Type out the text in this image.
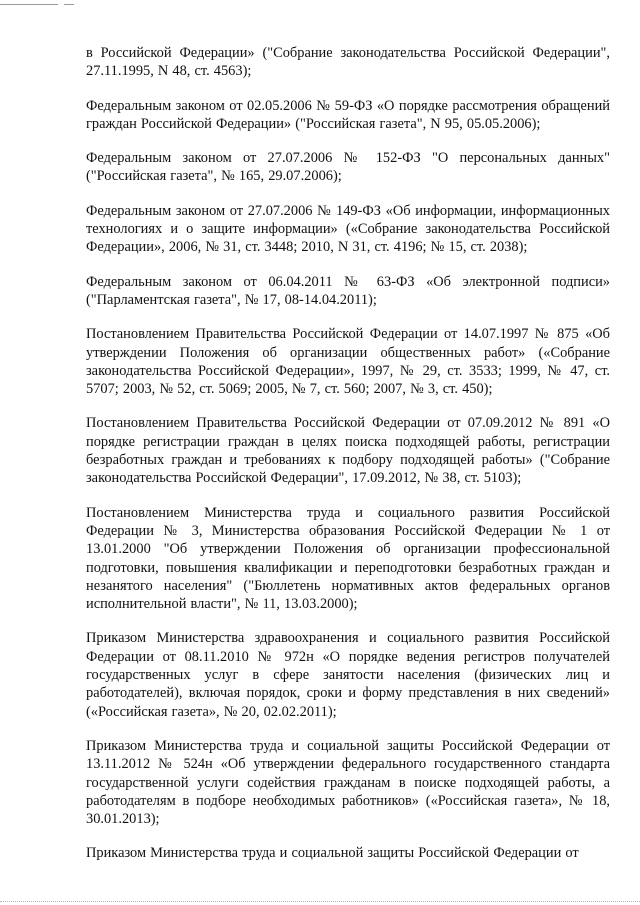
в Российской Федерации» ("Собрание законодательства Российской Федерации", 27.11.1995, N 48, ст. 4563);

Федеральным законом от 02.05.2006 № 59-ФЗ «О порядке рассмотрения обращений граждан Российской Федерации» ("Российская газета", N 95, 05.05.2006);

Федеральным законом от 27.07.2006 № 152-ФЗ "О персональных данных" ("Российская газета", № 165, 29.07.2006);

Федеральным законом от 27.07.2006 № 149-ФЗ «Об информации, информационных технологиях и о защите информации» («Собрание законодательства Российской Федерации», 2006, № 31, ст. 3448; 2010, N 31, ст. 4196; № 15, ст. 2038);

Федеральным законом от 06.04.2011 № 63-ФЗ «Об электронной подписи» ("Парламентская газета", № 17, 08-14.04.2011);

Постановлением Правительства Российской Федерации от 14.07.1997 № 875 «Об утверждении Положения об организации общественных работ» («Собрание законодательства Российской Федерации», 1997, № 29, ст. 3533; 1999, № 47, ст. 5707; 2003, № 52, ст. 5069; 2005, № 7, ст. 560; 2007, № 3, ст. 450);

Постановлением Правительства Российской Федерации от 07.09.2012 № 891 «О порядке регистрации граждан в целях поиска подходящей работы, регистрации безработных граждан и требованиях к подбору подходящей работы» ("Собрание законодательства Российской Федерации", 17.09.2012, № 38, ст. 5103);

Постановлением Министерства труда и социального развития Российской Федерации № 3, Министерства образования Российской Федерации № 1 от 13.01.2000 "Об утверждении Положения об организации профессиональной подготовки, повышения квалификации и переподготовки безработных граждан и незанятого населения" ("Бюллетень нормативных актов федеральных органов исполнительной власти", № 11, 13.03.2000);

Приказом Министерства здравоохранения и социального развития Российской Федерации от 08.11.2010 № 972н «О порядке ведения регистров получателей государственных услуг в сфере занятости населения (физических лиц и работодателей), включая порядок, сроки и форму представления в них сведений» («Российская газета», № 20, 02.02.2011);

Приказом Министерства труда и социальной защиты Российской Федерации от 13.11.2012 № 524н «Об утверждении федерального государственного стандарта государственной услуги содействия гражданам в поиске подходящей работы, а работодателям в подборе необходимых работников» («Российская газета», № 18, 30.01.2013);

Приказом Министерства труда и социальной защиты Российской Федерации от
